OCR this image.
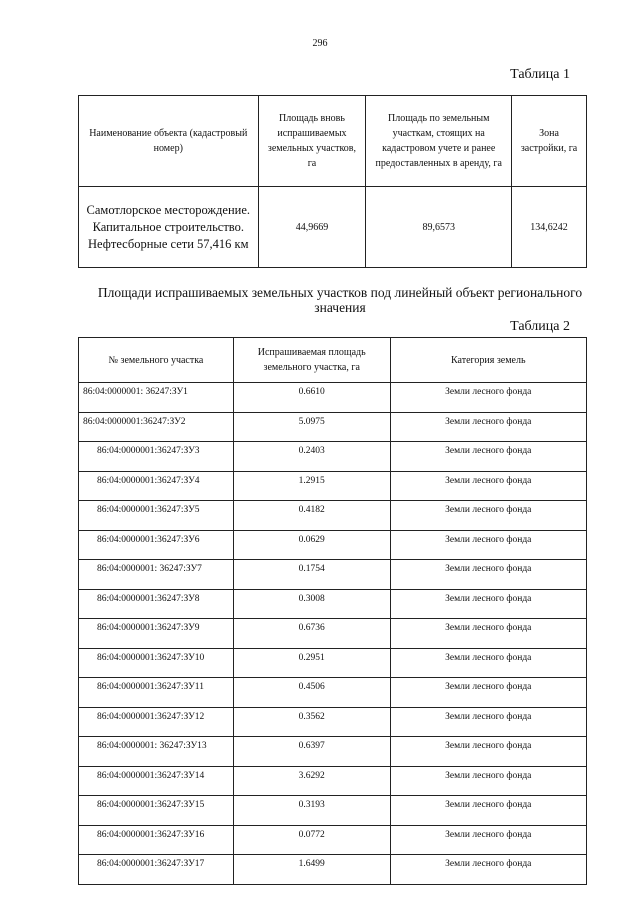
296
Таблица 1
Наименование объекта (кадастровый номер)	Площадь вновь испрашиваемых земельных участков, га	Площадь по земельным участкам, стоящих на кадастровом учете и ранее предоставленных в аренду, га	Зона застройки, га
Самотлорское месторождение. Капитальное строительство. Нефтесборные сети 57,416 км	44,9669	89,6573	134,6242
Площади испрашиваемых земельных участков под линейный объект регионального значения
Таблица 2
№ земельного участка	Испрашиваемая площадь земельного участка, га	Категория земель
86:04:0000001: 36247:ЗУ1	0.6610	Земли лесного фонда
86:04:0000001:36247:ЗУ2	5.0975	Земли лесного фонда
86:04:0000001:36247:ЗУ3	0.2403	Земли лесного фонда
86:04:0000001:36247:ЗУ4	1.2915	Земли лесного фонда
86:04:0000001:36247:ЗУ5	0.4182	Земли лесного фонда
86:04:0000001:36247:ЗУ6	0.0629	Земли лесного фонда
86:04:0000001: 36247:ЗУ7	0.1754	Земли лесного фонда
86:04:0000001:36247:ЗУ8	0.3008	Земли лесного фонда
86:04:0000001:36247:ЗУ9	0.6736	Земли лесного фонда
86:04:0000001:36247:ЗУ10	0.2951	Земли лесного фонда
86:04:0000001:36247:ЗУ11	0.4506	Земли лесного фонда
86:04:0000001:36247:ЗУ12	0.3562	Земли лесного фонда
86:04:0000001: 36247:ЗУ13	0.6397	Земли лесного фонда
86:04:0000001:36247:ЗУ14	3.6292	Земли лесного фонда
86:04:0000001:36247:ЗУ15	0.3193	Земли лесного фонда
86:04:0000001:36247:ЗУ16	0.0772	Земли лесного фонда
86:04:0000001:36247:ЗУ17	1.6499	Земли лесного фонда
